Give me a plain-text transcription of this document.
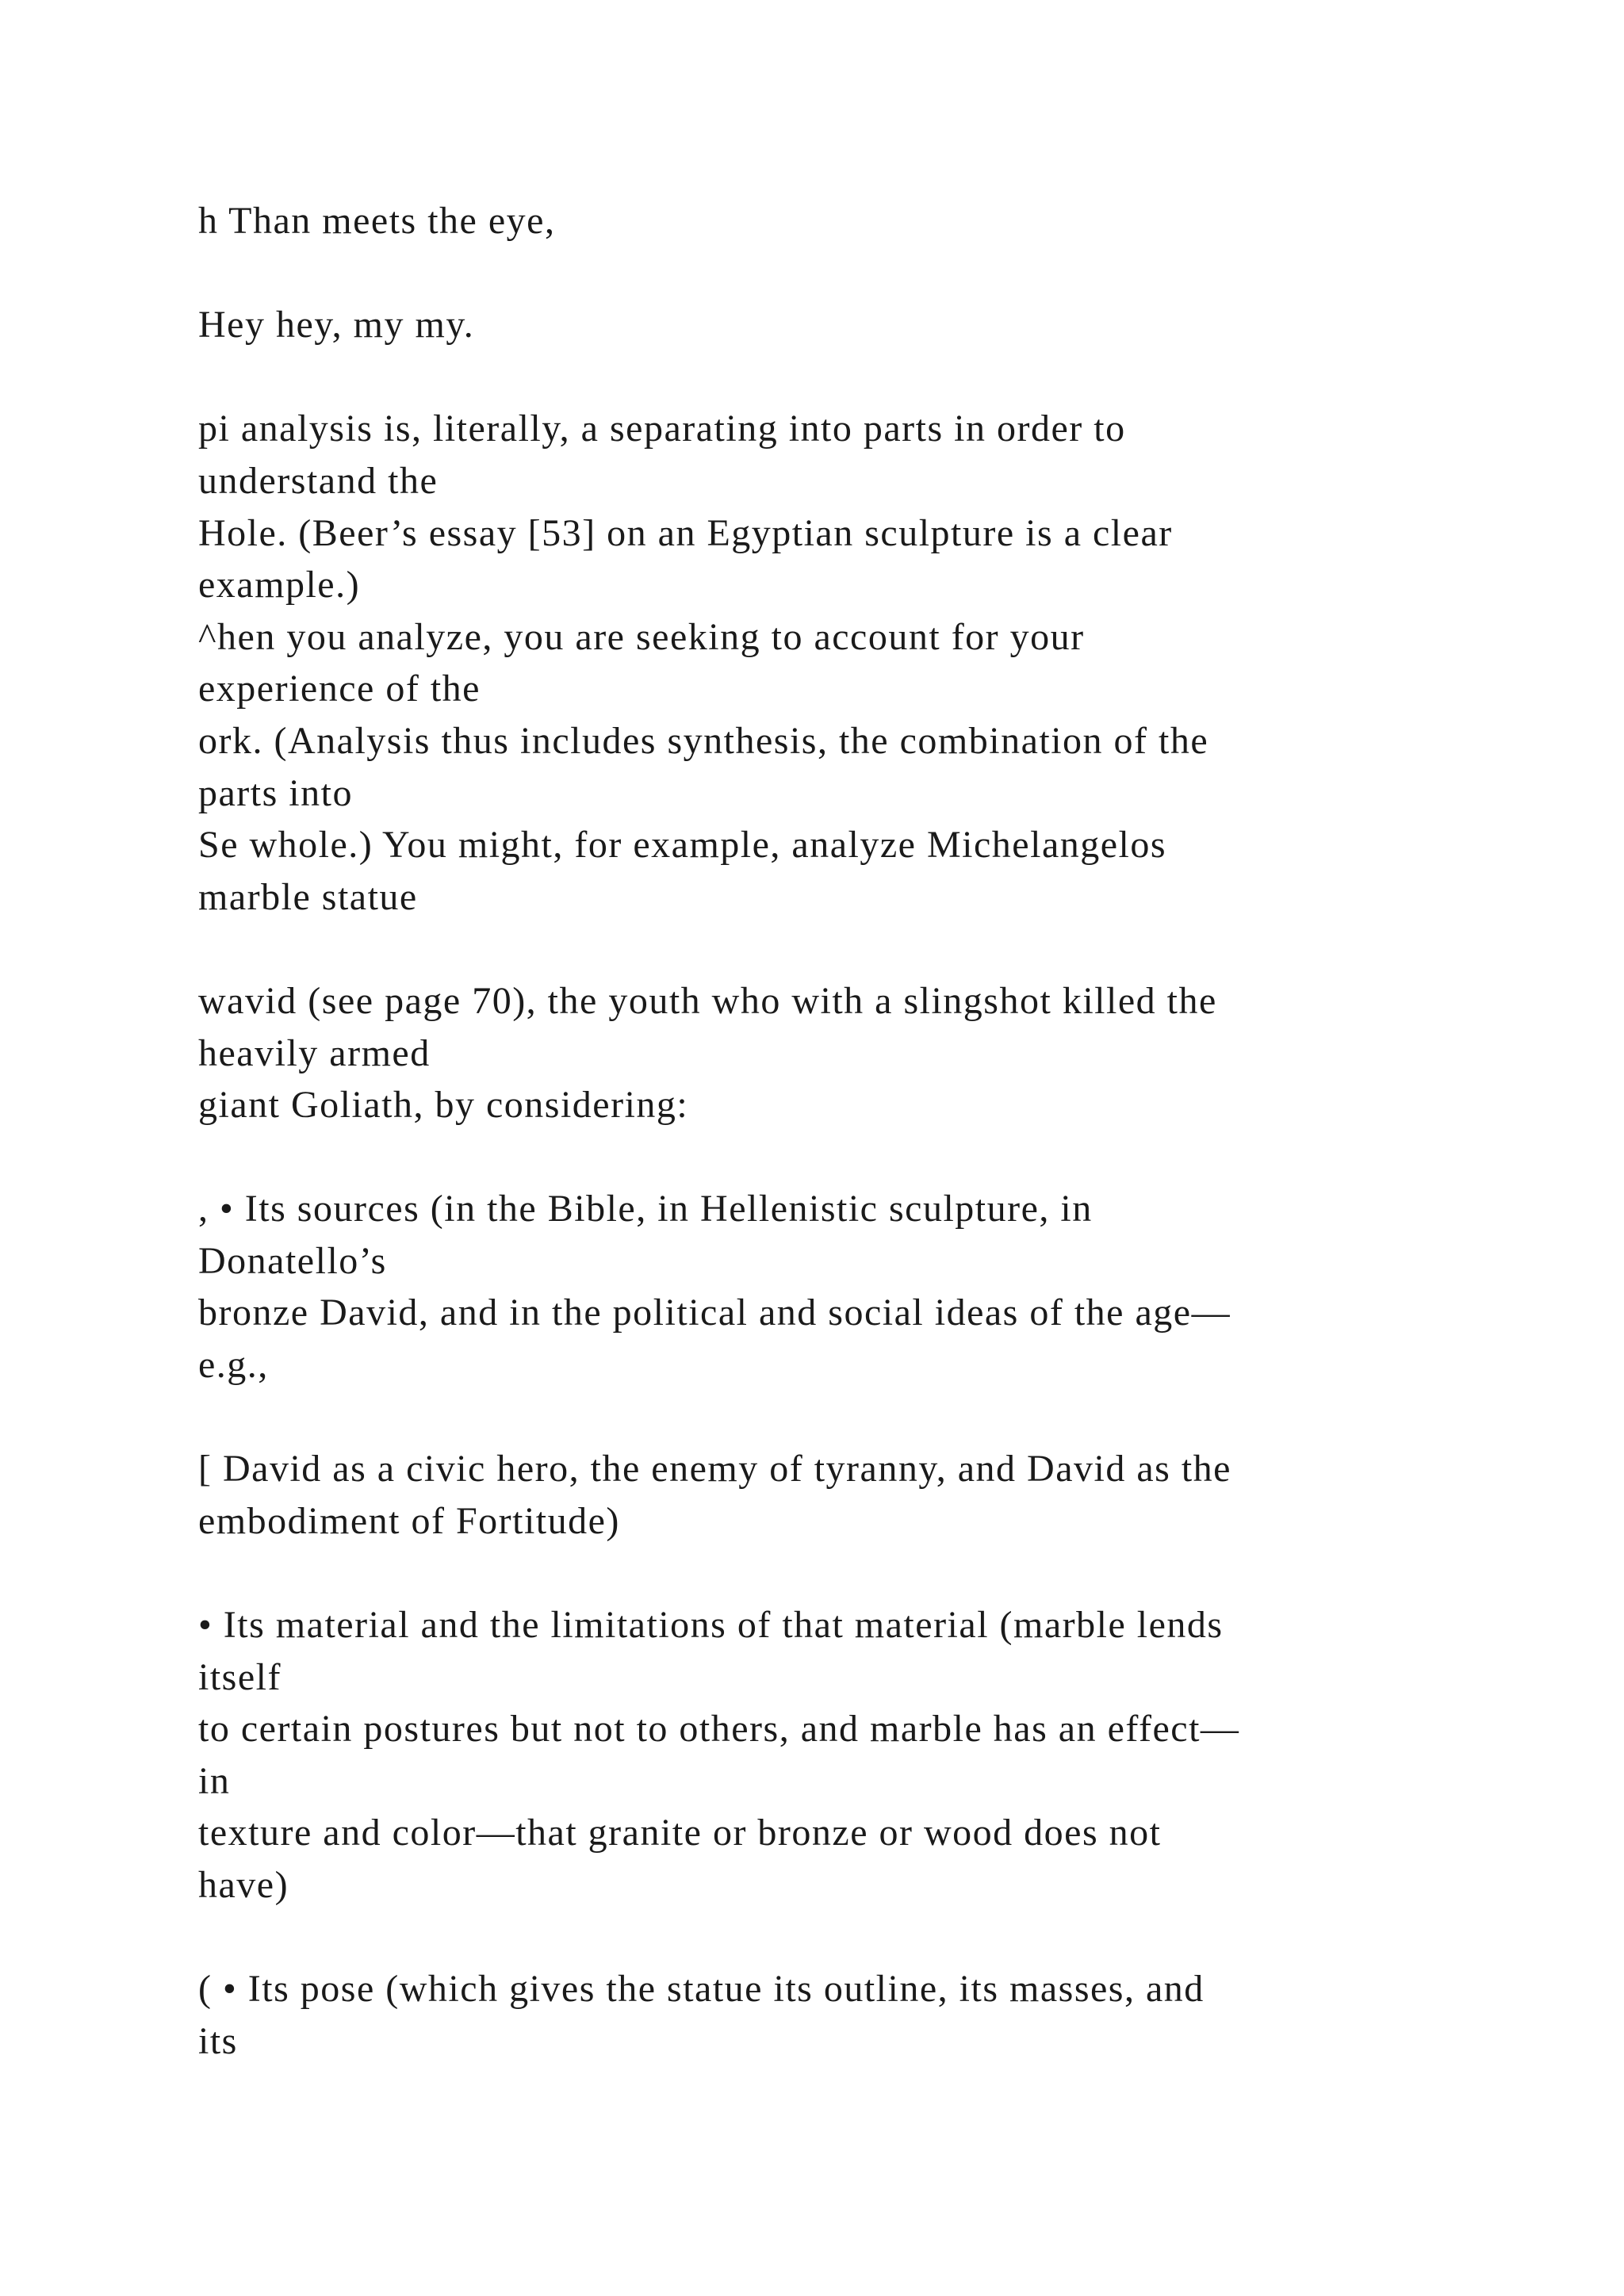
h Than meets the eye,
Hey hey, my my.
pi analysis is, literally, a separating into parts in order to
understand the
Hole. (Beer’s essay [53] on an Egyptian sculpture is a clear
example.)
^hen you analyze, you are seeking to account for your
experience of the
ork. (Analysis thus includes synthesis, the combination of the
parts into
Se whole.) You might, for example, analyze Michelangelos
marble statue
wavid (see page 70), the youth who with a slingshot killed the
heavily armed
giant Goliath, by considering:
, • Its sources (in the Bible, in Hellenistic sculpture, in
Donatello’s
bronze David, and in the political and social ideas of the age—
e.g.,
[ David as a civic hero, the enemy of tyranny, and David as the
embodiment of Fortitude)
• Its material and the limitations of that material (marble lends
itself
to certain postures but not to others, and marble has an effect—
in
texture and color—that granite or bronze or wood does not
have)
( • Its pose (which gives the statue its outline, its masses, and
its
